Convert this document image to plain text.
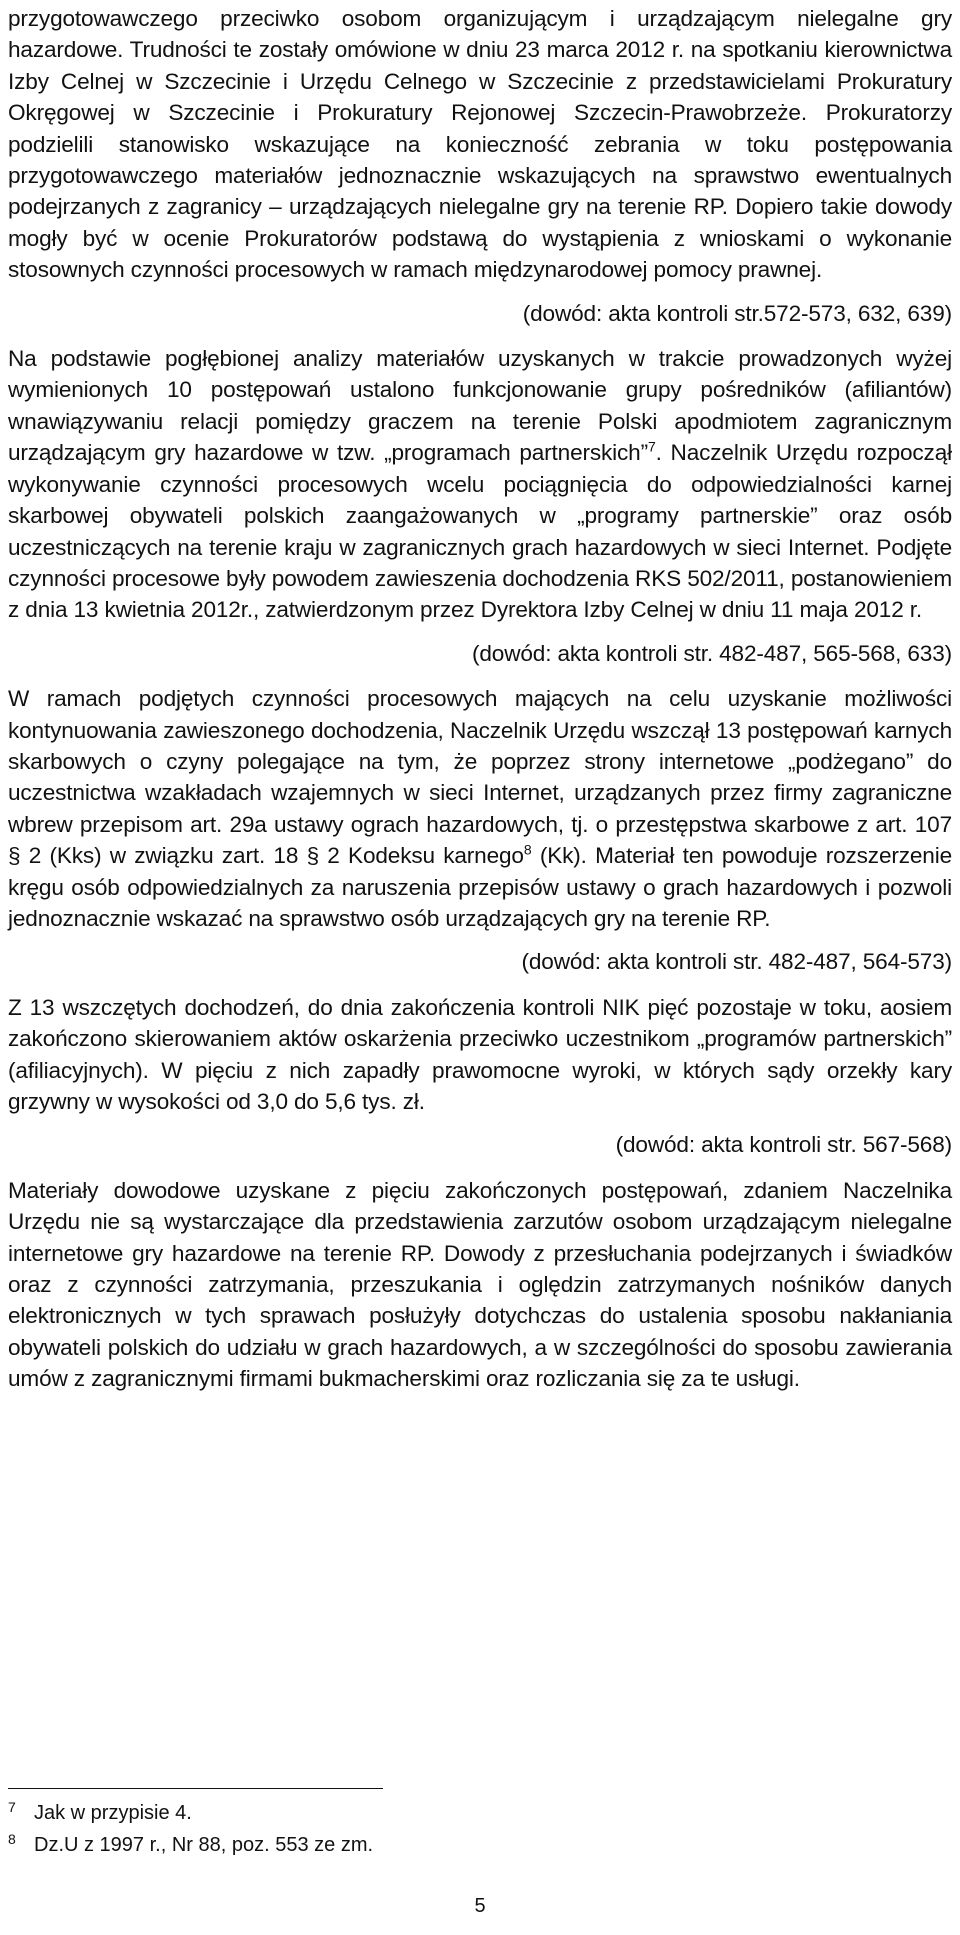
przygotowawczego przeciwko osobom organizującym i urządzającym nielegalne gry hazardowe. Trudności te zostały omówione w dniu 23 marca 2012 r. na spotkaniu kierownictwa Izby Celnej w Szczecinie i Urzędu Celnego w Szczecinie z przedstawicielami Prokuratury Okręgowej w Szczecinie i Prokuratury Rejonowej Szczecin-Prawobrzeże. Prokuratorzy podzielili stanowisko wskazujące na konieczność zebrania w toku postępowania przygotowawczego materiałów jednoznacznie wskazujących na sprawstwo ewentualnych podejrzanych z zagranicy – urządzających nielegalne gry na terenie RP. Dopiero takie dowody mogły być w ocenie Prokuratorów podstawą do wystąpienia z wnioskami o wykonanie stosownych czynności procesowych w ramach międzynarodowej pomocy prawnej.

(dowód: akta kontroli str.572-573, 632, 639)

Na podstawie pogłębionej analizy materiałów uzyskanych w trakcie prowadzonych wyżej wymienionych 10 postępowań ustalono funkcjonowanie grupy pośredników (afiliantów) wnawiązywaniu relacji pomiędzy graczem na terenie Polski apodmiotem zagranicznym urządzającym gry hazardowe w tzw. „programach partnerskich”$^7$. Naczelnik Urzędu rozpoczął wykonywanie czynności procesowych wcelu pociągnięcia do odpowiedzialności karnej skarbowej obywateli polskich zaangażowanych w „programy partnerskie” oraz osób uczestniczących na terenie kraju w zagranicznych grach hazardowych w sieci Internet. Podjęte czynności procesowe były powodem zawieszenia dochodzenia RKS 502/2011, postanowieniem z dnia 13 kwietnia 2012r., zatwierdzonym przez Dyrektora Izby Celnej w dniu 11 maja 2012 r.

(dowód: akta kontroli str. 482-487, 565-568, 633)

W ramach podjętych czynności procesowych mających na celu uzyskanie możliwości kontynuowania zawieszonego dochodzenia, Naczelnik Urzędu wszczął 13 postępowań karnych skarbowych o czyny polegające na tym, że poprzez strony internetowe „podżegano” do uczestnictwa wzakładach wzajemnych w sieci Internet, urządzanych przez firmy zagraniczne wbrew przepisom art. 29a ustawy ograch hazardowych, tj. o przestępstwa skarbowe z art. 107 § 2 (Kks) w związku zart. 18 § 2 Kodeksu karnego$^8$ (Kk). Materiał ten powoduje rozszerzenie kręgu osób odpowiedzialnych za naruszenia przepisów ustawy o grach hazardowych i pozwoli jednoznacznie wskazać na sprawstwo osób urządzających gry na terenie RP.

(dowód: akta kontroli str. 482-487, 564-573)

Z 13 wszczętych dochodzeń, do dnia zakończenia kontroli NIK pięć pozostaje w toku, aosiem zakończono skierowaniem aktów oskarżenia przeciwko uczestnikom „programów partnerskich” (afiliacyjnych). W pięciu z nich zapadły prawomocne wyroki, w których sądy orzekły kary grzywny w wysokości od 3,0 do 5,6 tys. zł.

(dowód: akta kontroli str. 567-568)

Materiały dowodowe uzyskane z pięciu zakończonych postępowań, zdaniem Naczelnika Urzędu nie są wystarczające dla przedstawienia zarzutów osobom urządzającym nielegalne internetowe gry hazardowe na terenie RP. Dowody z przesłuchania podejrzanych i świadków oraz z czynności zatrzymania, przeszukania i oględzin zatrzymanych nośników danych elektronicznych w tych sprawach posłużyły dotychczas do ustalenia sposobu nakłaniania obywateli polskich do udziału w grach hazardowych, a w szczególności do sposobu zawierania umów z zagranicznymi firmami bukmacherskimi oraz rozliczania się za te usługi.

7 Jak w przypisie 4.
8 Dz.U z 1997 r., Nr 88, poz. 553 ze zm.
5
